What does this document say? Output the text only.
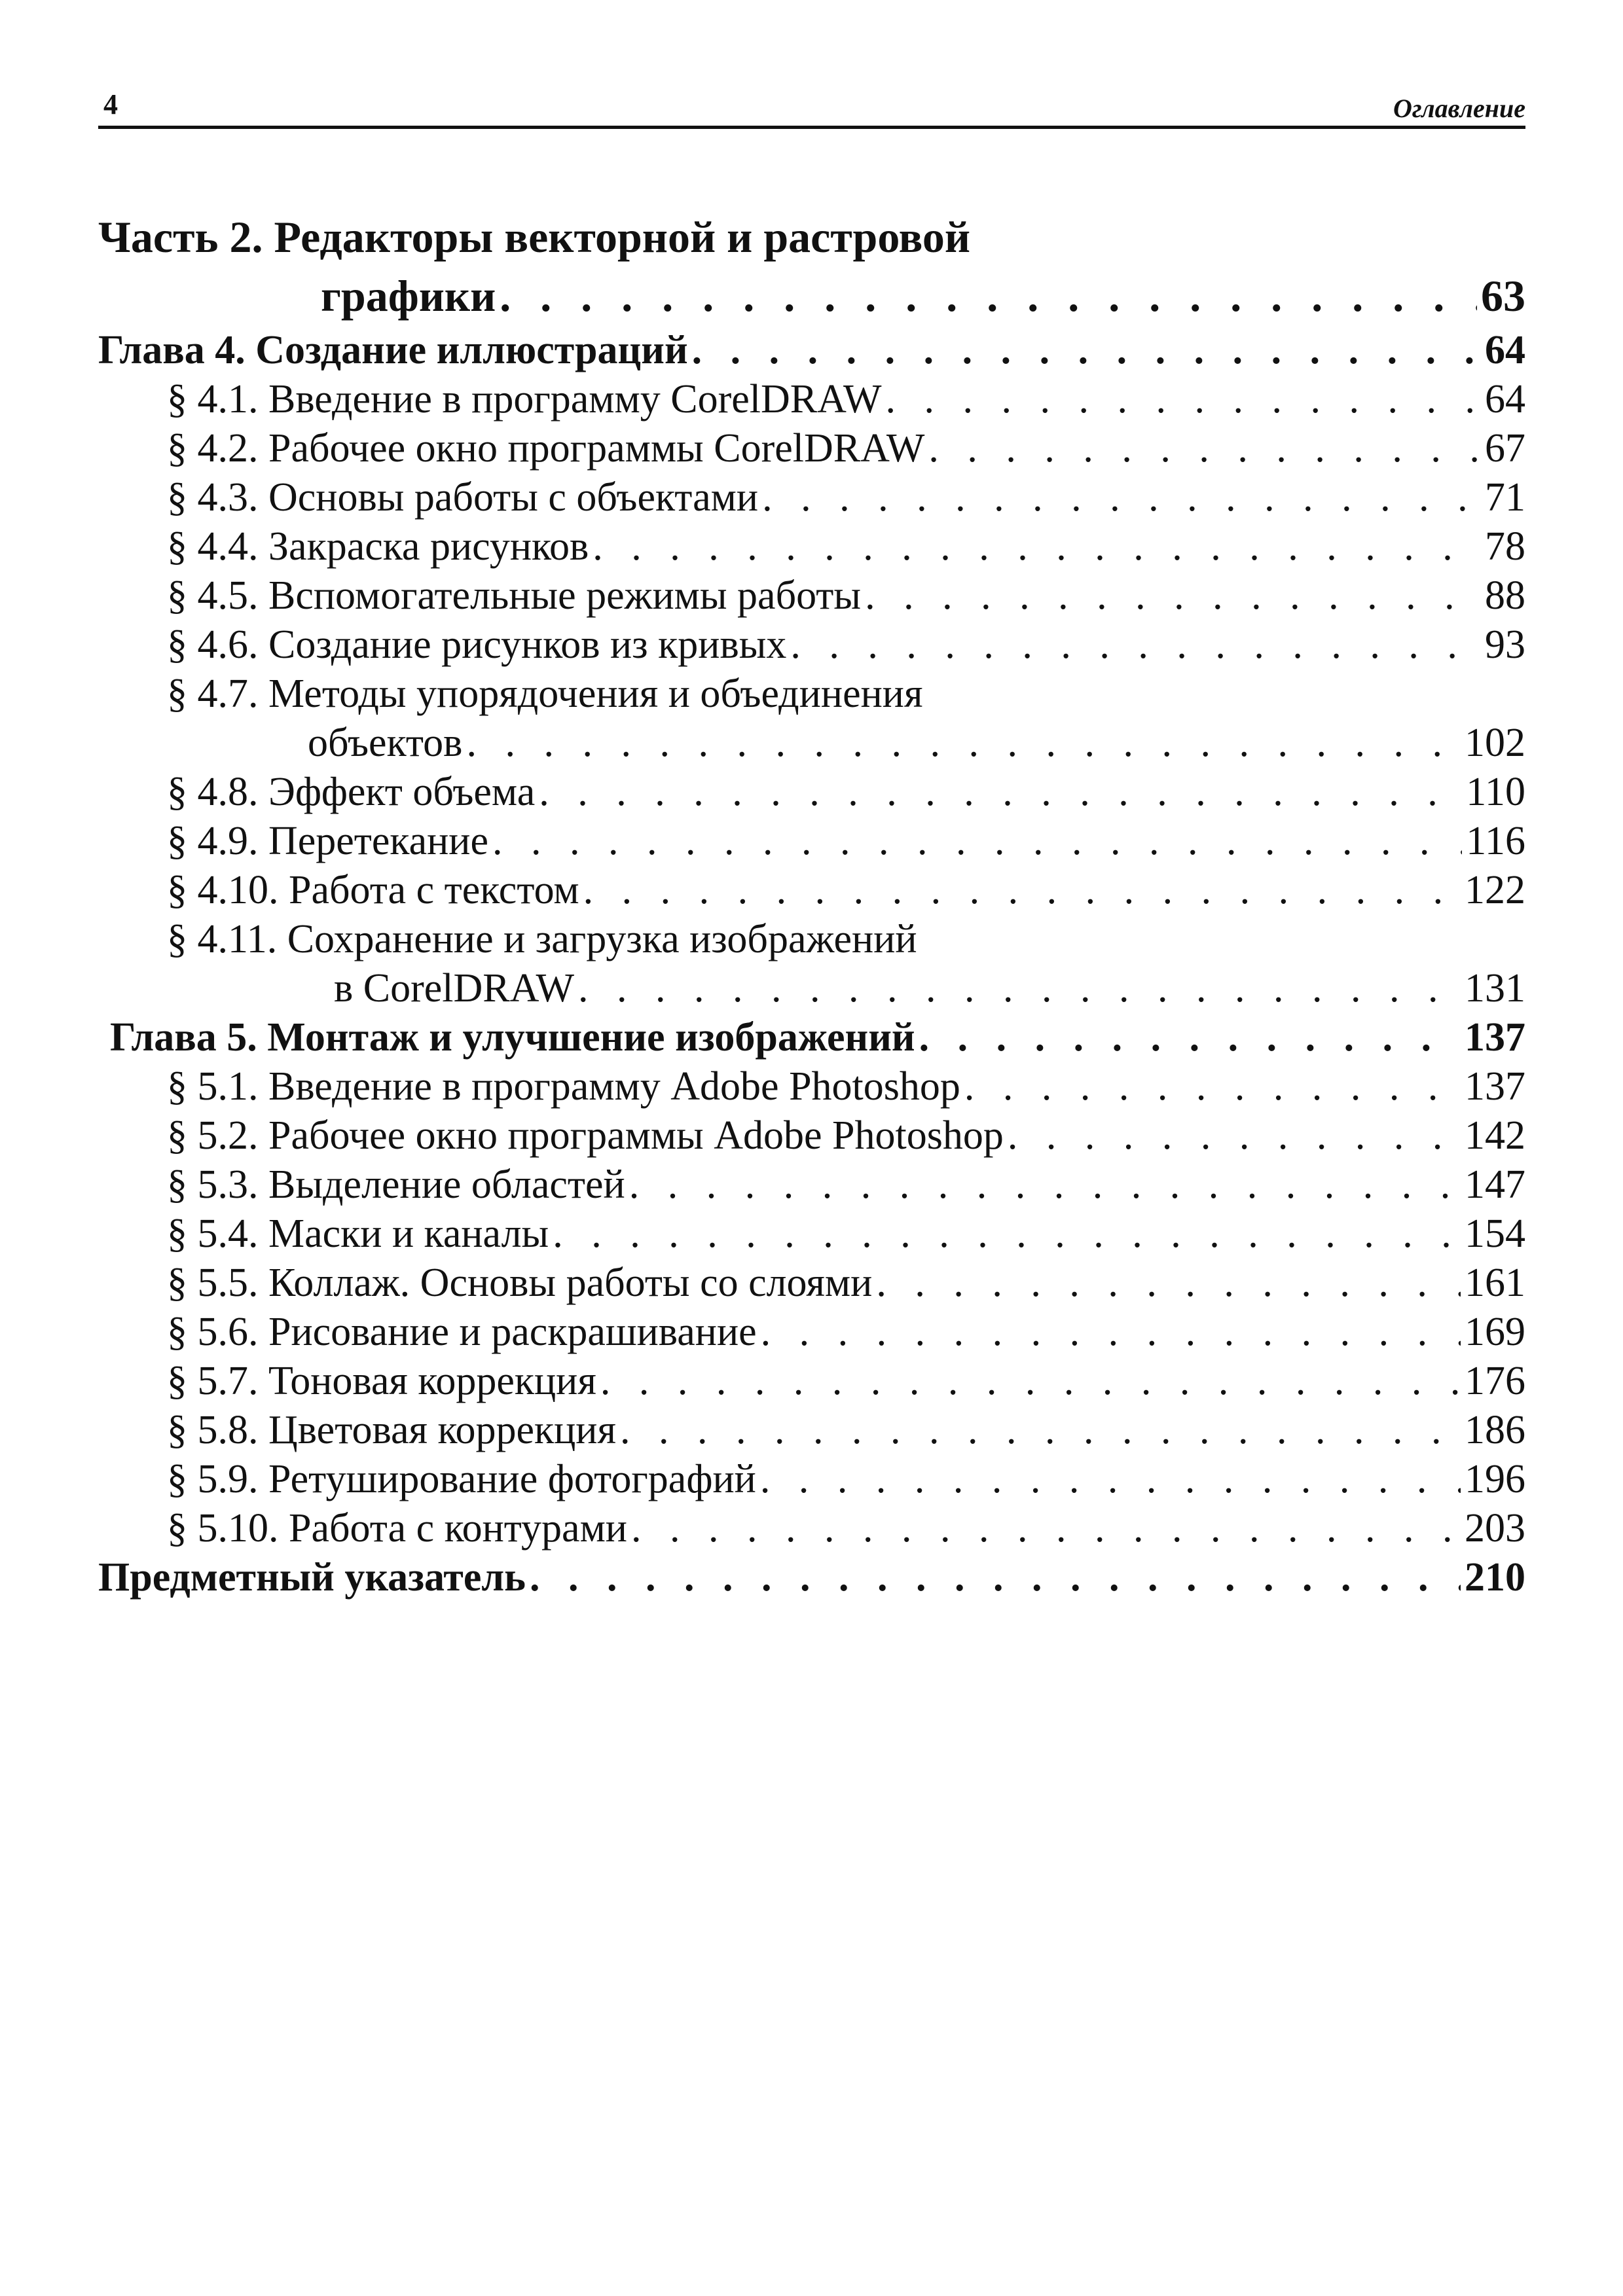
4	Оглавление
Часть 2. Редакторы векторной и растровой
графики . . .	63
Глава 4. Создание иллюстраций . . .	64
§ 4.1. Введение в программу CorelDRAW . . .	64
§ 4.2. Рабочее окно программы CorelDRAW . . .	67
§ 4.3. Основы работы с объектами . . .	71
§ 4.4. Закраска рисунков . . .	78
§ 4.5. Вспомогательные режимы работы . . .	88
§ 4.6. Создание рисунков из кривых . . .	93
§ 4.7. Методы упорядочения и объединения
объектов . . .	102
§ 4.8. Эффект объема . . .	110
§ 4.9. Перетекание . . .	116
§ 4.10. Работа с текстом . . .	122
§ 4.11. Сохранение и загрузка изображений
в CorelDRAW . . .	131
Глава 5. Монтаж и улучшение изображений . . .	137
§ 5.1. Введение в программу Adobe Photoshop . . .	137
§ 5.2. Рабочее окно программы Adobe Photoshop . . .	142
§ 5.3. Выделение областей . . .	147
§ 5.4. Маски и каналы . . .	154
§ 5.5. Коллаж. Основы работы со слоями . . .	161
§ 5.6. Рисование и раскрашивание . . .	169
§ 5.7. Тоновая коррекция . . .	176
§ 5.8. Цветовая коррекция . . .	186
§ 5.9. Ретуширование фотографий . . .	196
§ 5.10. Работа с контурами . . .	203
Предметный указатель . . .	210
